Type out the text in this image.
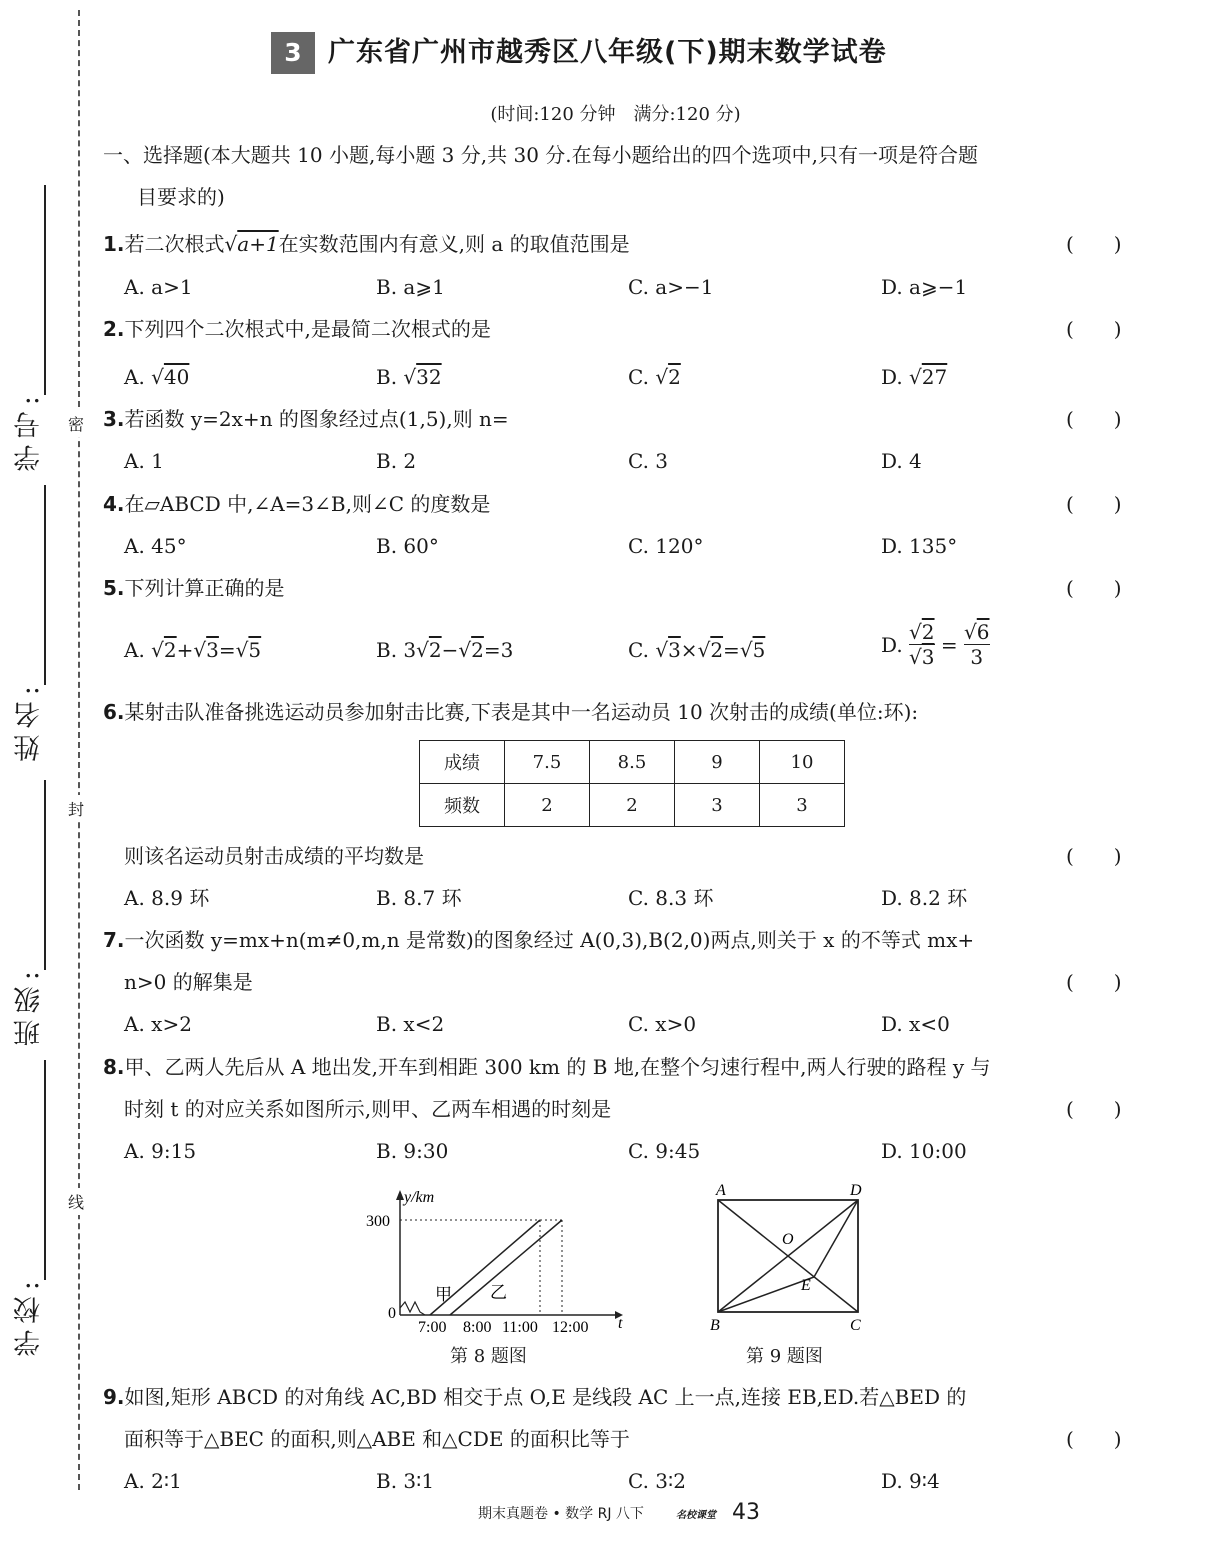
密
封
线
学号:
姓名:
班级:
学校:
3 广东省广州市越秀区八年级(下)期末数学试卷
(时间:120 分钟　满分:120 分)
一、选择题(本大题共 10 小题,每小题 3 分,共 30 分.在每小题给出的四个选项中,只有一项是符合题
目要求的)
1.若二次根式√a+1在实数范围内有意义,则 a 的取值范围是	(　　)
A. a>1	B. a⩾1	C. a>−1	D. a⩾−1
2.下列四个二次根式中,是最简二次根式的是	(　　)
A. √40	B. √32	C. √2	D. √27
3.若函数 y=2x+n 的图象经过点(1,5),则 n=	(　　)
A. 1	B. 2	C. 3	D. 4
4.在▱ABCD 中,∠A=3∠B,则∠C 的度数是	(　　)
A. 45°	B. 60°	C. 120°	D. 135°
5.下列计算正确的是	(　　)
A. √2+√3=√5	B. 3√2−√2=3	C. √3×√2=√5	D. $\frac{√2}{√3} = \frac{√6}{3}$
6.某射击队准备挑选运动员参加射击比赛,下表是其中一名运动员 10 次射击的成绩(单位:环):
成绩	7.5	8.5	9	10
频数	2	2	3	3
则该名运动员射击成绩的平均数是	(　　)
A. 8.9 环	B. 8.7 环	C. 8.3 环	D. 8.2 环
7.一次函数 y=mx+n(m≠0,m,n 是常数)的图象经过 A(0,3),B(2,0)两点,则关于 x 的不等式 mx+
n>0 的解集是	(　　)
A. x>2	B. x<2	C. x>0	D. x<0
8.甲、乙两人先后从 A 地出发,开车到相距 300 km 的 B 地,在整个匀速行程中,两人行驶的路程 y 与
时刻 t 的对应关系如图所示,则甲、乙两车相遇的时刻是	(　　)
A. 9:15	B. 9:30	C. 9:45	D. 10:00
y/km
300
0
t
7:00 8:00 11:00 12:00
甲 乙
第 8 题图
A	D
B	C
O
E
第 9 题图
9.如图,矩形 ABCD 的对角线 AC,BD 相交于点 O,E 是线段 AC 上一点,连接 EB,ED.若△BED 的
面积等于△BEC 的面积,则△ABE 和△CDE 的面积比等于	(　　)
A. 2∶1	B. 3∶1	C. 3∶2	D. 9∶4
期末真题卷 • 数学 RJ 八下	名校课堂 43
